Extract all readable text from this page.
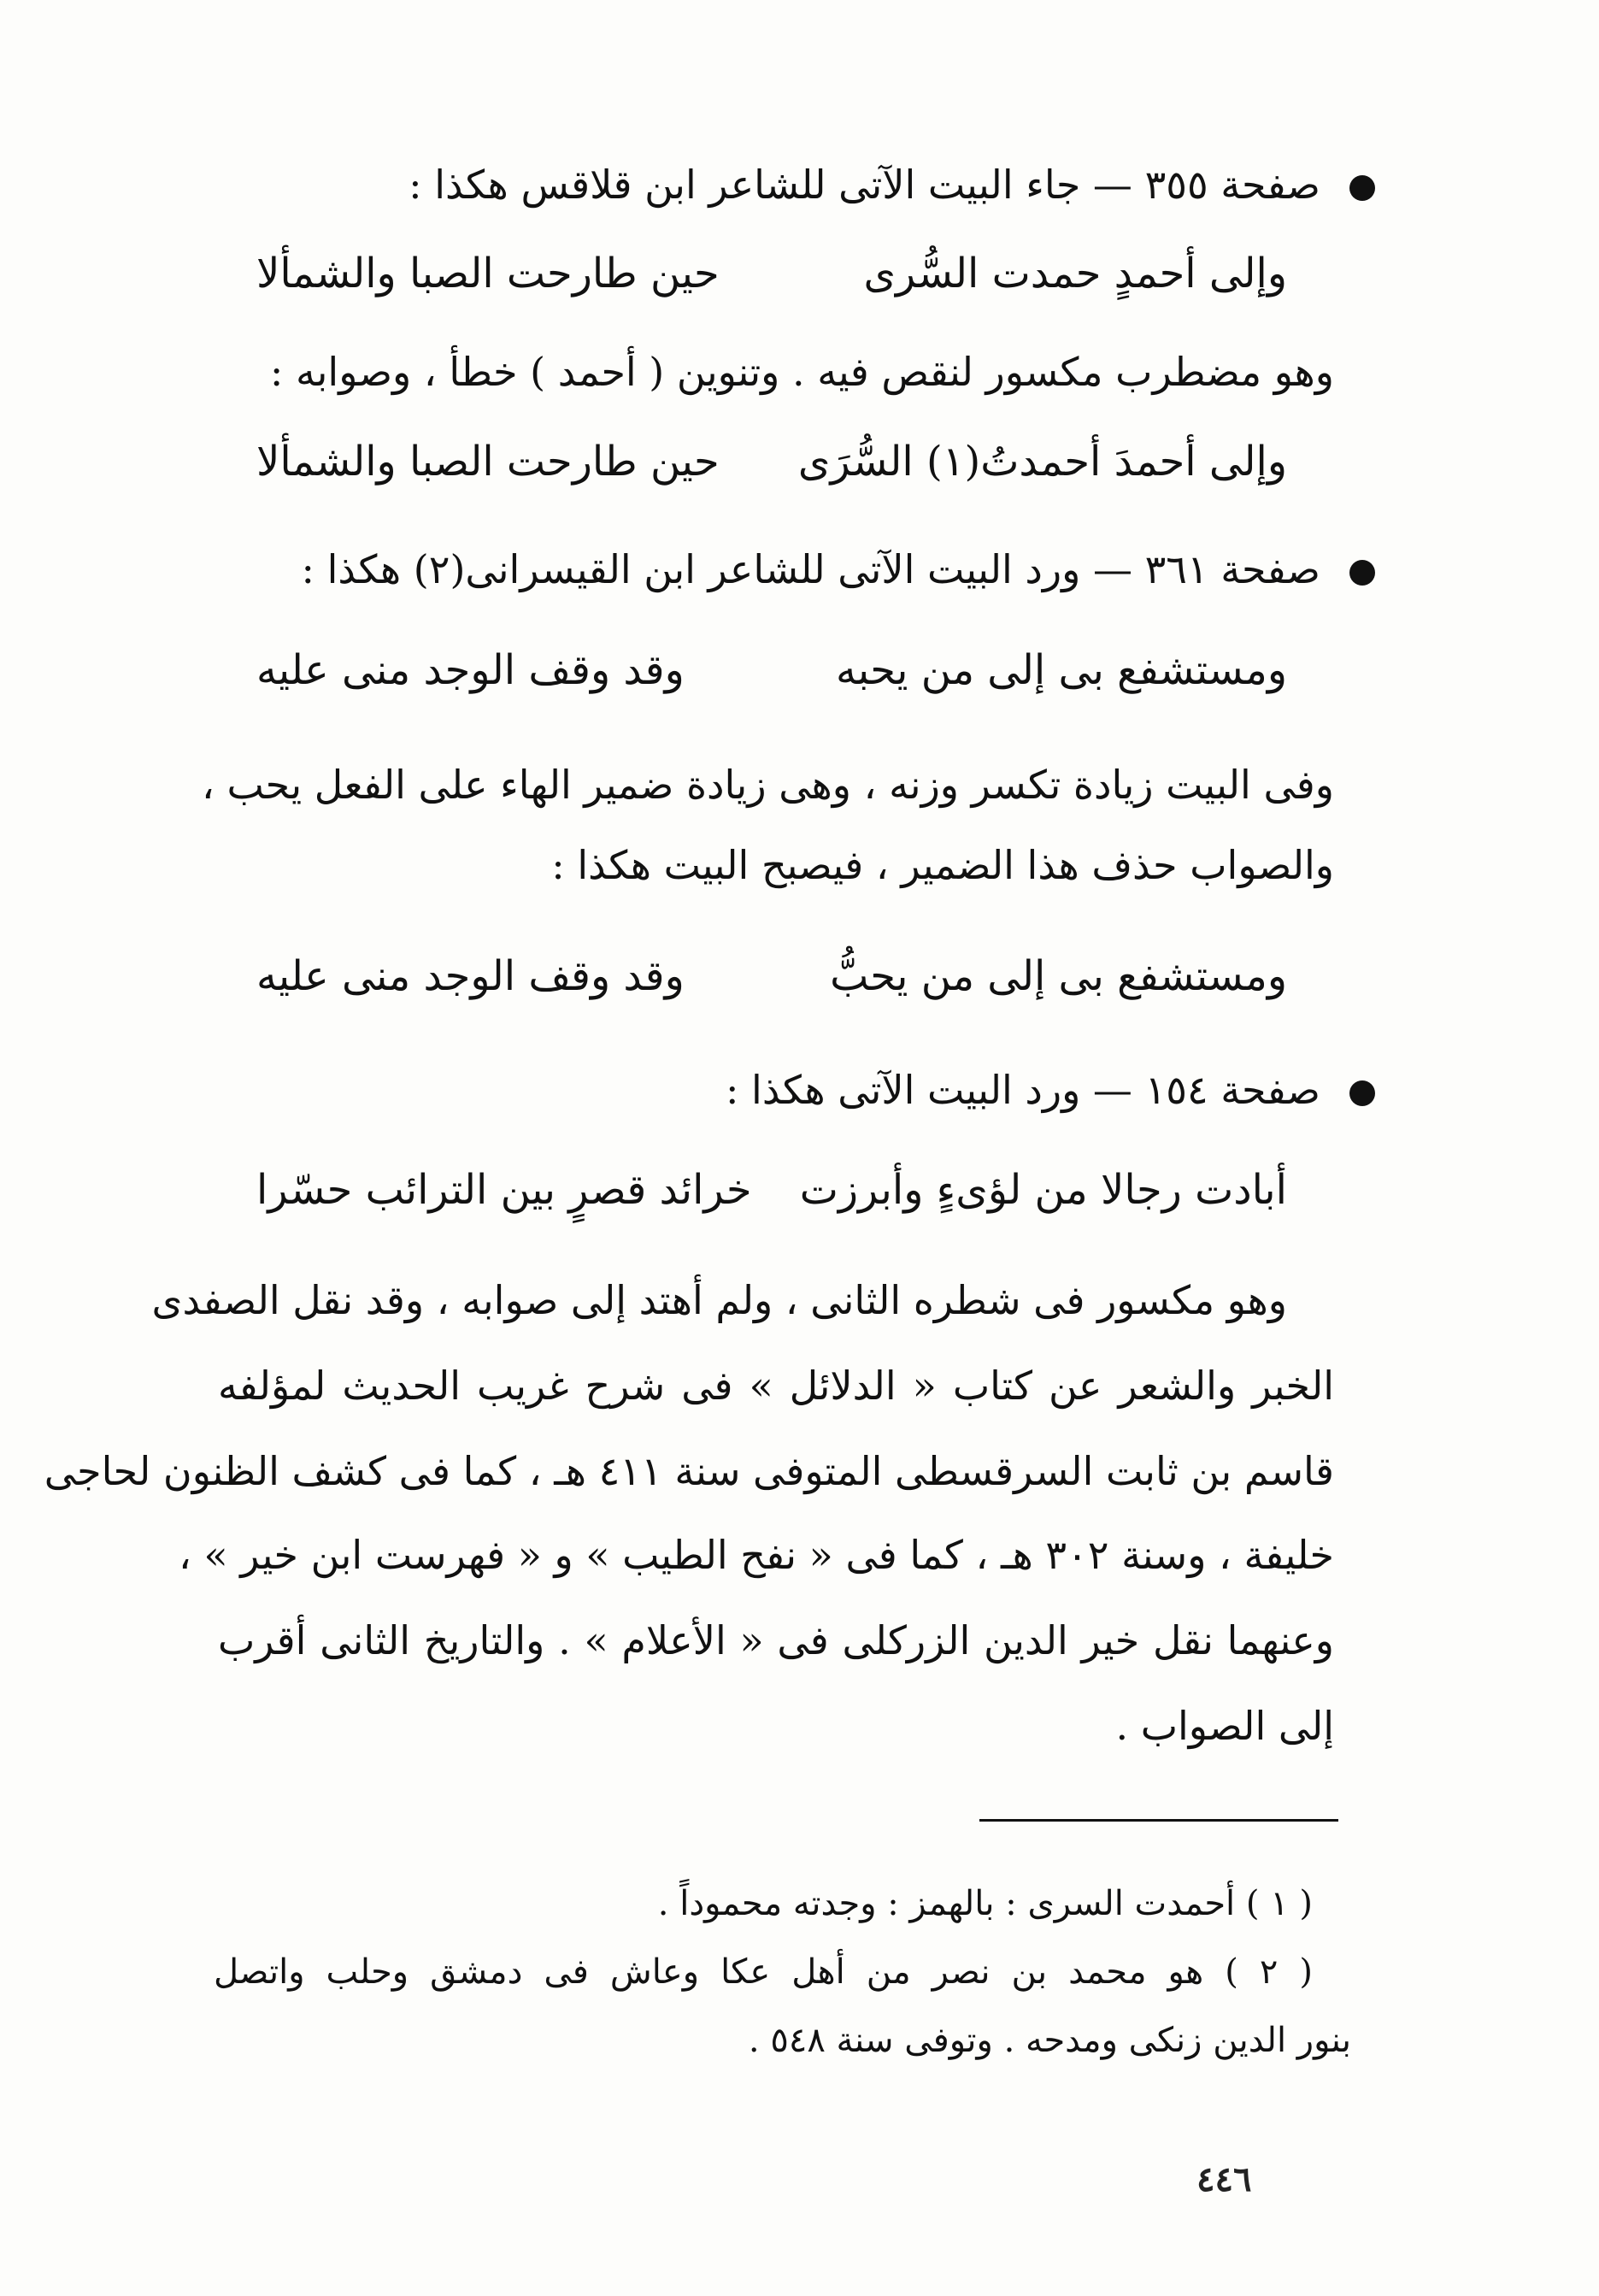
صفحة ٣٥٥ — جاء البيت الآتى للشاعر ابن قلاقس هكذا :
وإلى أحمدٍ حمدت السُّرى
حين طارحت الصبا والشمألا
وهو مضطرب مكسور لنقص فيه . وتنوين ( أحمد ) خطأ ، وصوابه :
وإلى أحمدَ أحمدتُ(١) السُّرَى
حين طارحت الصبا والشمألا
صفحة ٣٦١ — ورد البيت الآتى للشاعر ابن القيسرانى(٢) هكذا :
ومستشفع بى إلى من يحبه
وقد وقف الوجد منى عليه
وفى البيت زيادة تكسر وزنه ، وهى زيادة ضمير الهاء على الفعل يحب ،
والصواب حذف هذا الضمير ، فيصبح البيت هكذا :
ومستشفع بى إلى من يحبُّ
وقد وقف الوجد منى عليه
صفحة ١٥٤ — ورد البيت الآتى هكذا :
أبادت رجالا من لؤىءٍ وأبرزت
خرائد قصرٍ بين الترائب حسّرا
وهو مكسور فى شطره الثانى ، ولم أهتد إلى صوابه ، وقد نقل الصفدى
الخبر والشعر عن كتاب « الدلائل » فى شرح غريب الحديث لمؤلفه
قاسم بن ثابت السرقسطى المتوفى سنة ٤١١ هـ ، كما فى كشف الظنون لحاجى
خليفة ، وسنة ٣٠٢ هـ ، كما فى « نفح الطيب » و « فهرست ابن خير » ،
وعنهما نقل خير الدين الزركلى فى « الأعلام » . والتاريخ الثانى أقرب
إلى الصواب .
( ١ ) أحمدت السرى : بالهمز : وجدته محموداً .
( ٢ ) هو محمد بن نصر من أهل عكا وعاش فى دمشق وحلب واتصل
بنور الدين زنكى ومدحه . وتوفى سنة ٥٤٨ .
٤٤٦
